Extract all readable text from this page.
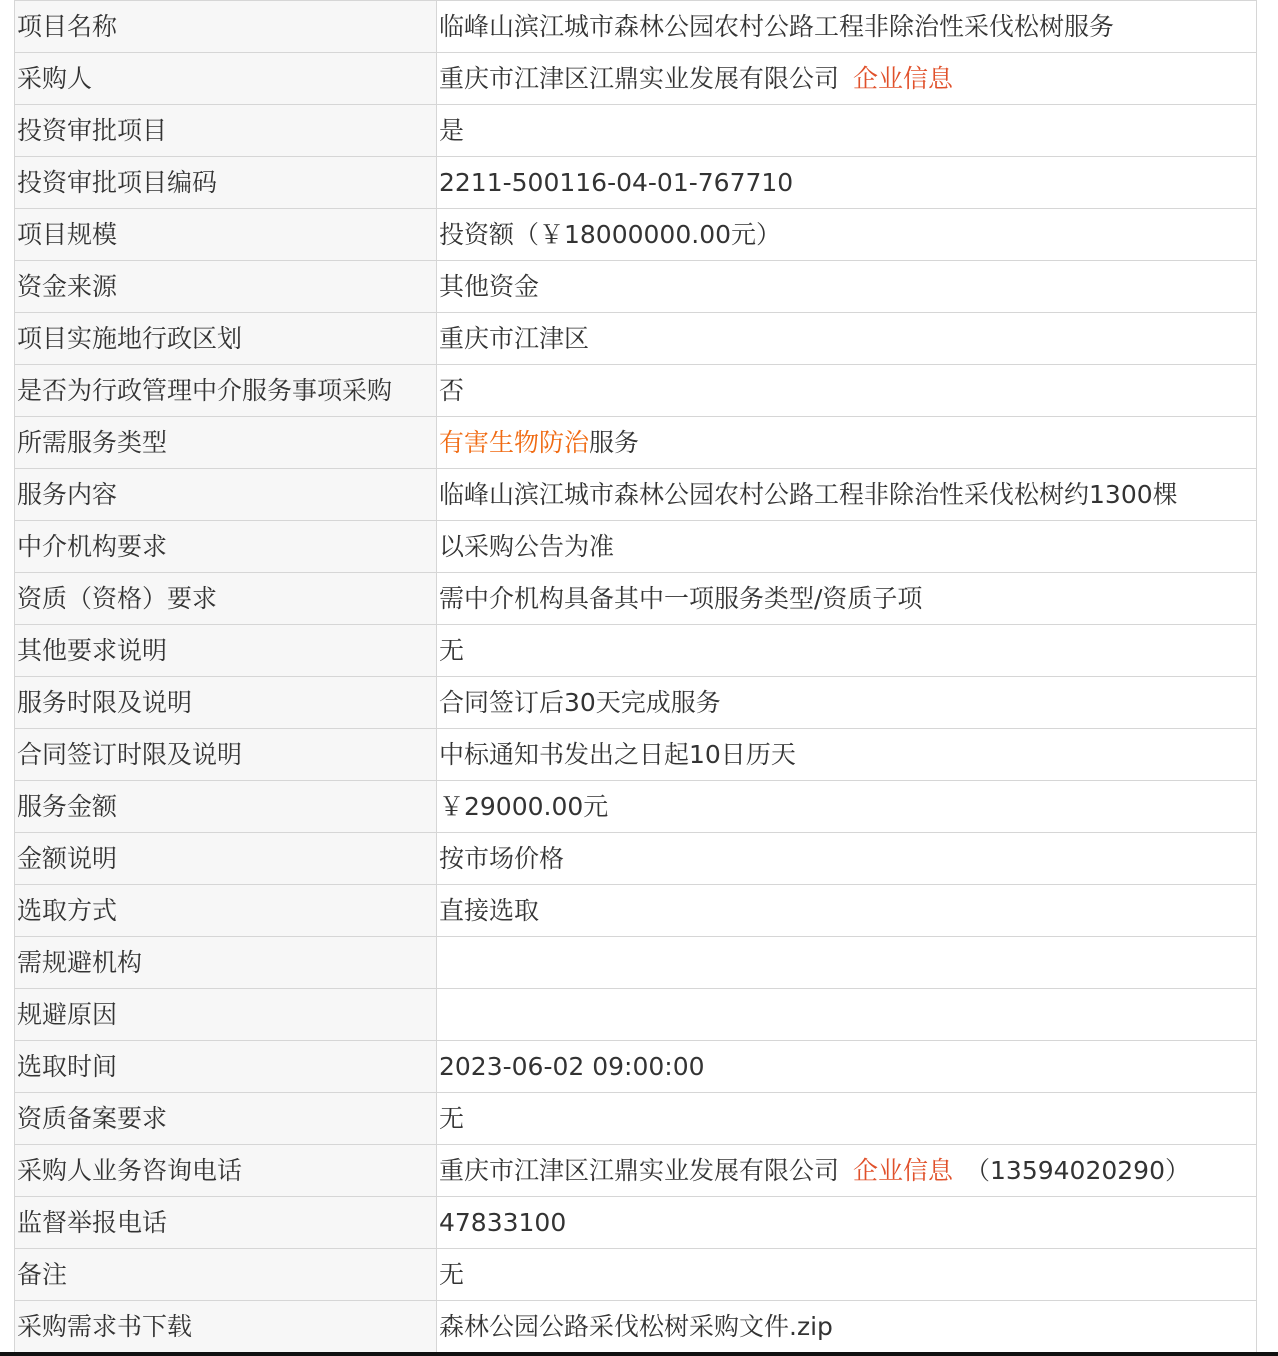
项目名称	临峰山滨江城市森林公园农村公路工程非除治性采伐松树服务
采购人	重庆市江津区江鼎实业发展有限公司 企业信息
投资审批项目	是
投资审批项目编码	2211-500116-04-01-767710
项目规模	投资额（￥18000000.00元）
资金来源	其他资金
项目实施地行政区划	重庆市江津区
是否为行政管理中介服务事项采购	否
所需服务类型	有害生物防治服务
服务内容	临峰山滨江城市森林公园农村公路工程非除治性采伐松树约1300棵
中介机构要求	以采购公告为准
资质（资格）要求	需中介机构具备其中一项服务类型/资质子项
其他要求说明	无
服务时限及说明	合同签订后30天完成服务
合同签订时限及说明	中标通知书发出之日起10日历天
服务金额	￥29000.00元
金额说明	按市场价格
选取方式	直接选取
需规避机构	
规避原因	
选取时间	2023-06-02 09:00:00
资质备案要求	无
采购人业务咨询电话	重庆市江津区江鼎实业发展有限公司 企业信息 （13594020290）
监督举报电话	47833100
备注	无
采购需求书下载	森林公园公路采伐松树采购文件.zip
